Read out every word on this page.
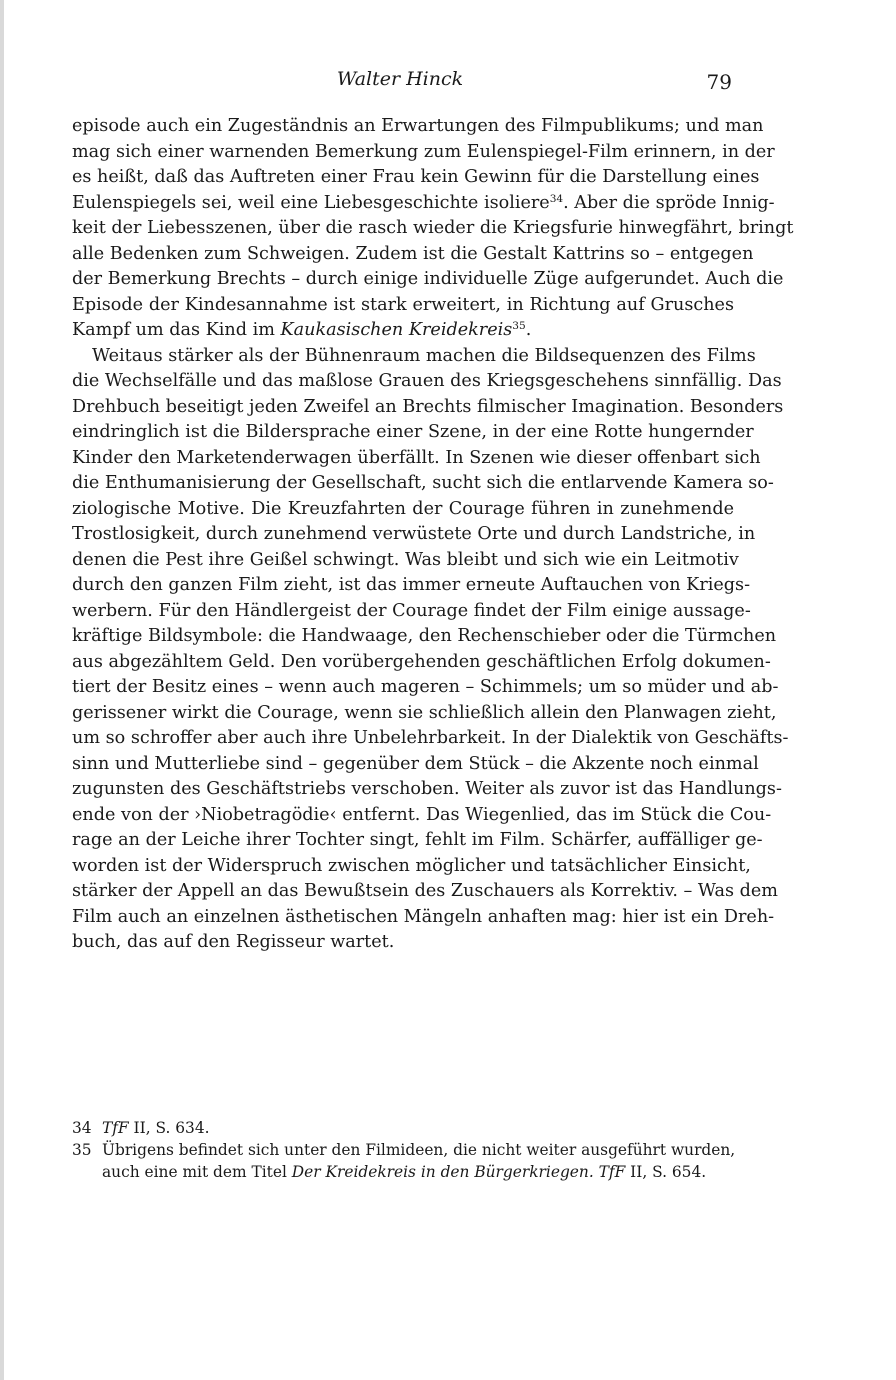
Walter Hinck	79
episode auch ein Zugeständnis an Erwartungen des Filmpublikums; und man
mag sich einer warnenden Bemerkung zum Eulenspiegel-Film erinnern, in der
es heißt, daß das Auftreten einer Frau kein Gewinn für die Darstellung eines
Eulenspiegels sei, weil eine Liebesgeschichte isoliere$^{34}$. Aber die spröde Innig-
keit der Liebesszenen, über die rasch wieder die Kriegsfurie hinwegfährt, bringt
alle Bedenken zum Schweigen. Zudem ist die Gestalt Kattrins so – entgegen
der Bemerkung Brechts – durch einige individuelle Züge aufgerundet. Auch die
Episode der Kindesannahme ist stark erweitert, in Richtung auf Grusches
Kampf um das Kind im Kaukasischen Kreidekreis$^{35}$.
Weitaus stärker als der Bühnenraum machen die Bildsequenzen des Films
die Wechselfälle und das maßlose Grauen des Kriegsgeschehens sinnfällig. Das
Drehbuch beseitigt jeden Zweifel an Brechts filmischer Imagination. Besonders
eindringlich ist die Bildersprache einer Szene, in der eine Rotte hungernder
Kinder den Marketenderwagen überfällt. In Szenen wie dieser offenbart sich
die Enthumanisierung der Gesellschaft, sucht sich die entlarvende Kamera so-
ziologische Motive. Die Kreuzfahrten der Courage führen in zunehmende
Trostlosigkeit, durch zunehmend verwüstete Orte und durch Landstriche, in
denen die Pest ihre Geißel schwingt. Was bleibt und sich wie ein Leitmotiv
durch den ganzen Film zieht, ist das immer erneute Auftauchen von Kriegs-
werbern. Für den Händlergeist der Courage findet der Film einige aussage-
kräftige Bildsymbole: die Handwaage, den Rechenschieber oder die Türmchen
aus abgezähltem Geld. Den vorübergehenden geschäftlichen Erfolg dokumen-
tiert der Besitz eines – wenn auch mageren – Schimmels; um so müder und ab-
gerissener wirkt die Courage, wenn sie schließlich allein den Planwagen zieht,
um so schroffer aber auch ihre Unbelehrbarkeit. In der Dialektik von Geschäfts-
sinn und Mutterliebe sind – gegenüber dem Stück – die Akzente noch einmal
zugunsten des Geschäftstriebs verschoben. Weiter als zuvor ist das Handlungs-
ende von der ›Niobetragödie‹ entfernt. Das Wiegenlied, das im Stück die Cou-
rage an der Leiche ihrer Tochter singt, fehlt im Film. Schärfer, auffälliger ge-
worden ist der Widerspruch zwischen möglicher und tatsächlicher Einsicht,
stärker der Appell an das Bewußtsein des Zuschauers als Korrektiv. – Was dem
Film auch an einzelnen ästhetischen Mängeln anhaften mag: hier ist ein Dreh-
buch, das auf den Regisseur wartet.
34 TfF II, S. 634.
35 Übrigens befindet sich unter den Filmideen, die nicht weiter ausgeführt wurden,
auch eine mit dem Titel Der Kreidekreis in den Bürgerkriegen. TfF II, S. 654.
